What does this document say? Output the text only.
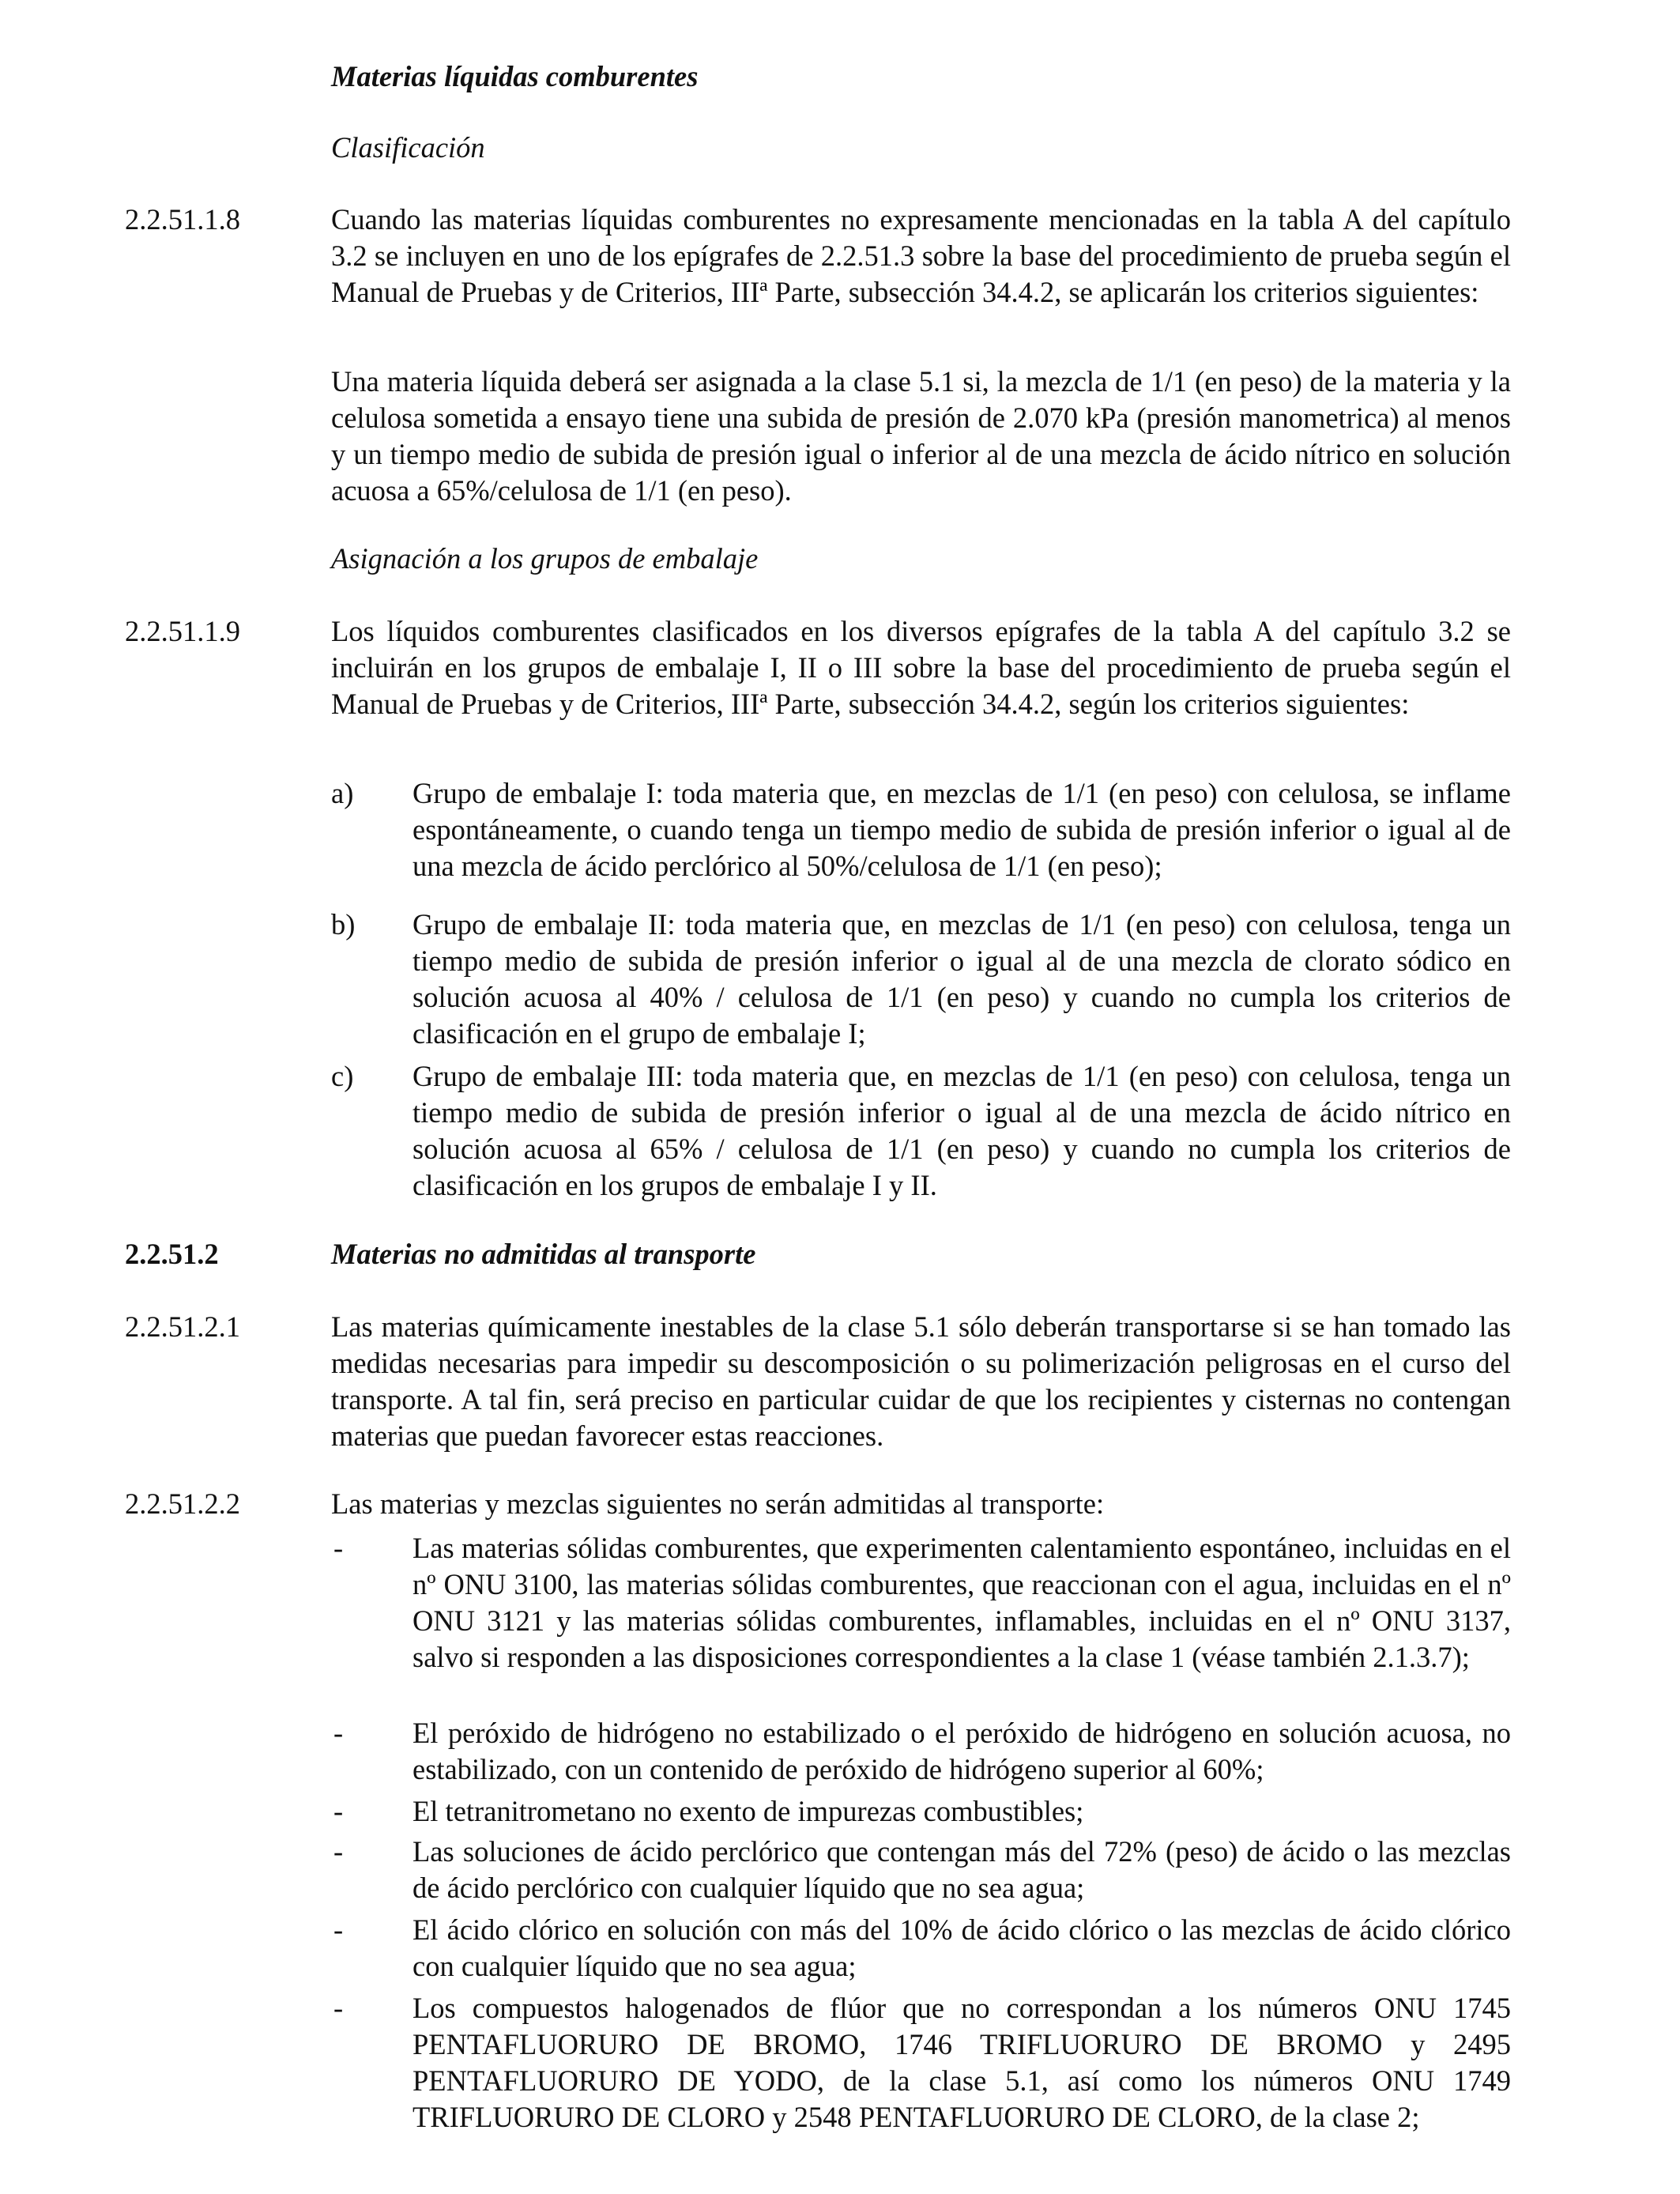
Materias líquidas comburentes

Clasificación

2.2.51.1.8	Cuando las materias líquidas comburentes no expresamente mencionadas en la tabla A del capítulo 3.2 se incluyen en uno de los epígrafes de 2.2.51.3 sobre la base del procedimiento de prueba según el Manual de Pruebas y de Criterios, IIIª Parte, subsección 34.4.2, se aplicarán los criterios siguientes:

Una materia líquida deberá ser asignada a la clase 5.1 si, la mezcla de 1/1 (en peso) de la materia y la celulosa sometida a ensayo tiene una subida de presión de 2.070 kPa (presión manometrica) al menos y un tiempo medio de subida de presión igual o inferior al de una mezcla de ácido nítrico en solución acuosa a 65%/celulosa de 1/1 (en peso).

Asignación a los grupos de embalaje

2.2.51.1.9	Los líquidos comburentes clasificados en los diversos epígrafes de la tabla A del capítulo 3.2 se incluirán en los grupos de embalaje I, II o III sobre la base del procedimiento de prueba según el Manual de Pruebas y de Criterios, IIIª Parte, subsección 34.4.2, según los criterios siguientes:

a) Grupo de embalaje I: toda materia que, en mezclas de 1/1 (en peso) con celulosa, se inflame espontáneamente, o cuando tenga un tiempo medio de subida de presión inferior o igual al de una mezcla de ácido perclórico al 50%/celulosa de 1/1 (en peso);

b) Grupo de embalaje II: toda materia que, en mezclas de 1/1 (en peso) con celulosa, tenga un tiempo medio de subida de presión inferior o igual al de una mezcla de clorato sódico en solución acuosa al 40% / celulosa de 1/1 (en peso) y cuando no cumpla los criterios de clasificación en el grupo de embalaje I;

c) Grupo de embalaje III: toda materia que, en mezclas de 1/1 (en peso) con celulosa, tenga un tiempo medio de subida de presión inferior o igual al de una mezcla de ácido nítrico en solución acuosa al 65% / celulosa de 1/1 (en peso) y cuando no cumpla los criterios de clasificación en los grupos de embalaje I y II.

2.2.51.2	Materias no admitidas al transporte

2.2.51.2.1	Las materias químicamente inestables de la clase 5.1 sólo deberán transportarse si se han tomado las medidas necesarias para impedir su descomposición o su polimerización peligrosas en el curso del transporte. A tal fin, será preciso en particular cuidar de que los recipientes y cisternas no contengan materias que puedan favorecer estas reacciones.

2.2.51.2.2	Las materias y mezclas siguientes no serán admitidas al transporte:

- Las materias sólidas comburentes, que experimenten calentamiento espontáneo, incluidas en el nº ONU 3100, las materias sólidas comburentes, que reaccionan con el agua, incluidas en el nº ONU 3121 y las materias sólidas comburentes, inflamables, incluidas en el nº ONU 3137, salvo si responden a las disposiciones correspondientes a la clase 1 (véase también 2.1.3.7);

- El peróxido de hidrógeno no estabilizado o el peróxido de hidrógeno en solución acuosa, no estabilizado, con un contenido de peróxido de hidrógeno superior al 60%;

- El tetranitrometano no exento de impurezas combustibles;

- Las soluciones de ácido perclórico que contengan más del 72% (peso) de ácido o las mezclas de ácido perclórico con cualquier líquido que no sea agua;

- El ácido clórico en solución con más del 10% de ácido clórico o las mezclas de ácido clórico con cualquier líquido que no sea agua;

- Los compuestos halogenados de flúor que no correspondan a los números ONU 1745 PENTAFLUORURO DE BROMO, 1746 TRIFLUORURO DE BROMO y 2495 PENTAFLUORURO DE YODO, de la clase 5.1, así como los números ONU 1749 TRIFLUORURO DE CLORO y 2548 PENTAFLUORURO DE CLORO, de la clase 2;
